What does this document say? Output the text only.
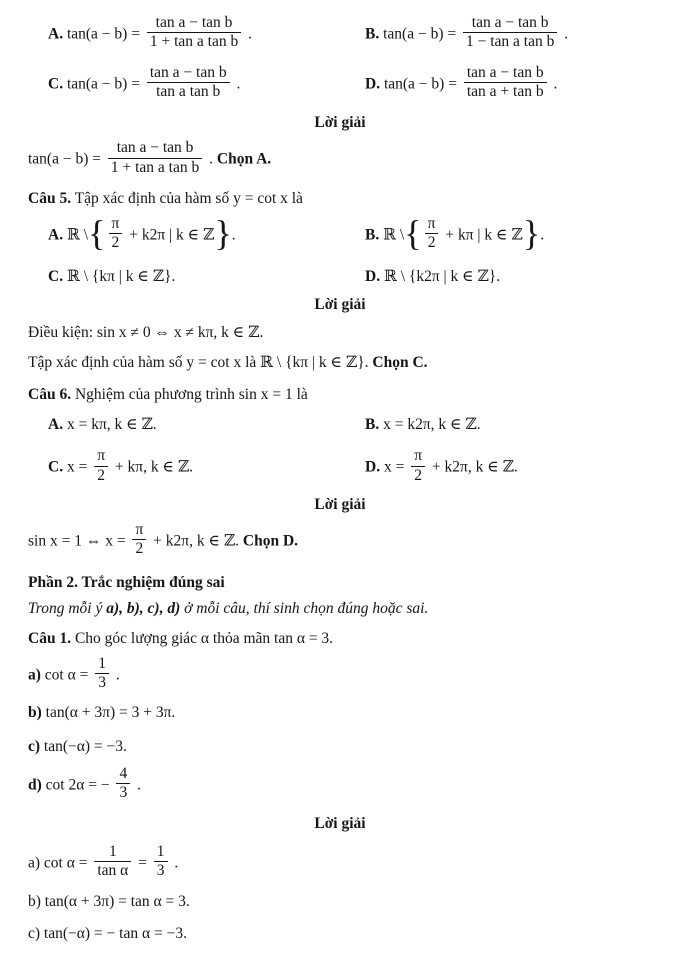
A. $\tan(a - b) = \frac{\text{tan a − tan b}}{\text{1 + tan a tan b}}$ .	B. $\tan(a - b) = \frac{\text{tan a − tan b}}{\text{1 − tan a tan b}}$ .
C. $\tan(a - b) = \frac{\text{tan a − tan b}}{\text{tan a tan b}}$ .	D. $\tan(a - b) = \frac{\text{tan a − tan b}}{\text{tan a + tan b}}$ .
Lời giải
$\tan(a - b) = \frac{\text{tan a − tan b}}{\text{1 + tan a tan b}}$ . Chọn A.
Câu 5. Tập xác định của hàm số y = cot x là
A. ℝ \{ $\frac{\pi}{2} + k2\pi$ | k ∈ ℤ}.	B. ℝ \{ $\frac{\pi}{2} + k\pi$ | k ∈ ℤ}.
C. ℝ \ {kπ | k ∈ ℤ}.	D. ℝ \ {k2π | k ∈ ℤ}.
Lời giải
Điều kiện: sin x ≠ 0 ⇔ x ≠ kπ, k ∈ ℤ.
Tập xác định của hàm số y = cot x là ℝ \ {kπ | k ∈ ℤ}. Chọn C.
Câu 6. Nghiệm của phương trình sin x = 1 là
A. x = kπ, k ∈ ℤ.	B. x = k2π, k ∈ ℤ.
C. $x = \frac{\pi}{2} + k\pi$, k ∈ ℤ.	D. $x = \frac{\pi}{2} + k2\pi$, k ∈ ℤ.
Lời giải
sin x = 1 ⇔ $x = \frac{\pi}{2} + k2\pi$, k ∈ ℤ. Chọn D.
Phần 2. Trắc nghiệm đúng sai
Trong mỗi ý a), b), c), d) ở mỗi câu, thí sinh chọn đúng hoặc sai.
Câu 1. Cho góc lượng giác α thỏa mãn tan α = 3.
a) $\cot \alpha = \frac{1}{3}$ .
b) tan(α + 3π) = 3 + 3π.
c) tan(−α) = −3.
d) cot 2α = − $\frac{4}{3}$ .
Lời giải
a) $\cot \alpha = \frac{1}{\text{tan α}} = \frac{1}{3}$ .
b) tan(α + 3π) = tan α = 3.
c) tan(−α) = − tan α = −3.
